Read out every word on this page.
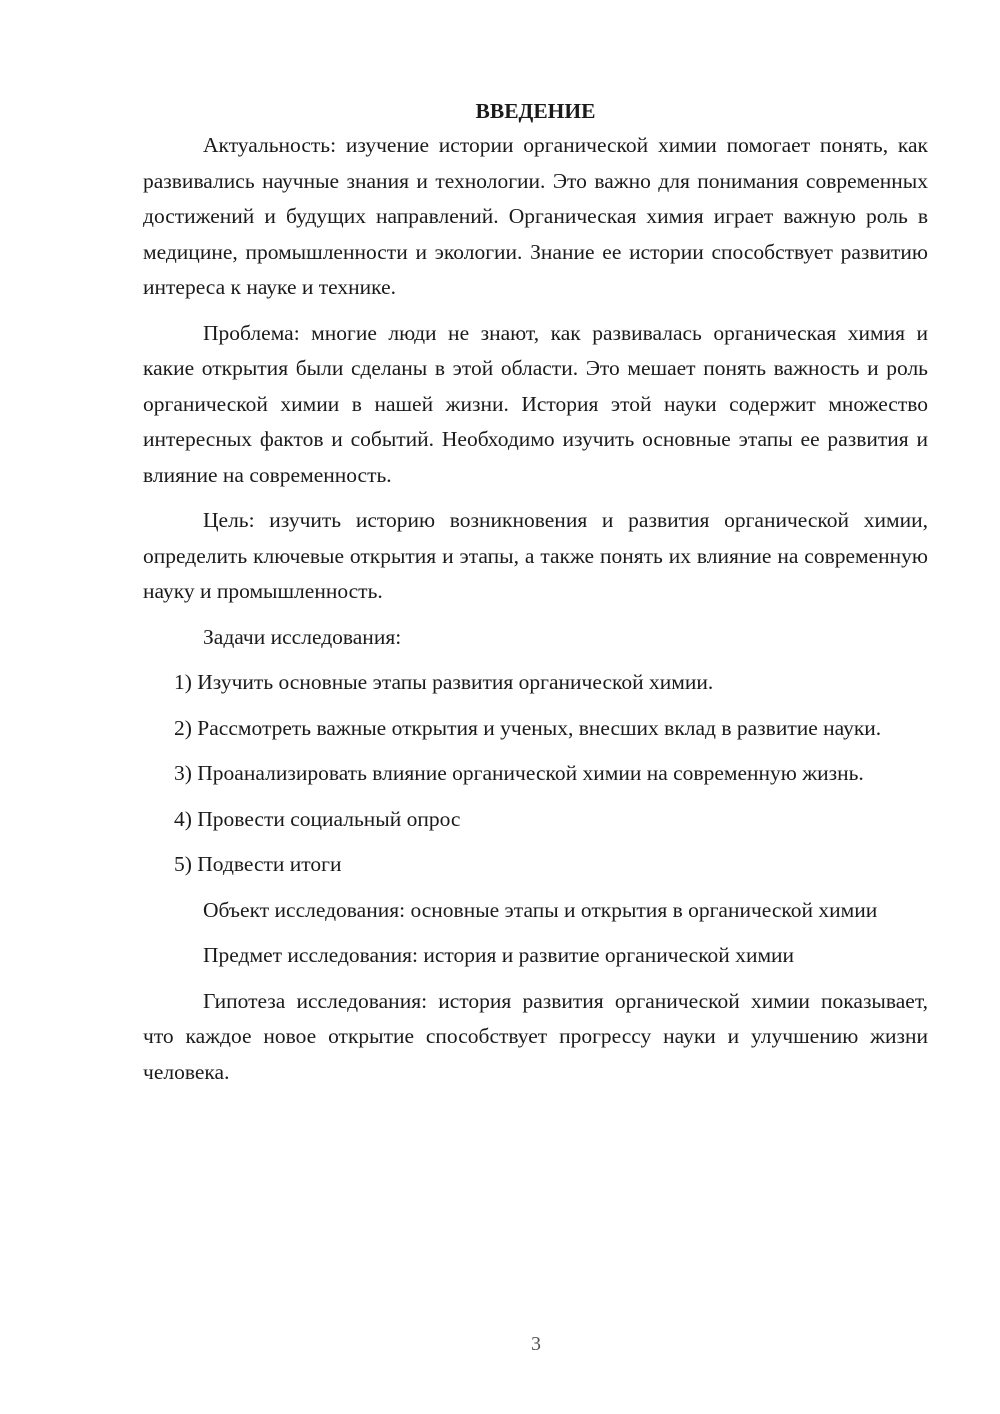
ВВЕДЕНИЕ

Актуальность: изучение истории органической химии помогает понять, как развивались научные знания и технологии. Это важно для понимания современных достижений и будущих направлений. Органическая химия играет важную роль в медицине, промышленности и экологии. Знание ее истории способствует развитию интереса к науке и технике.

Проблема: многие люди не знают, как развивалась органическая химия и какие открытия были сделаны в этой области. Это мешает понять важность и роль органической химии в нашей жизни. История этой науки содержит множество интересных фактов и событий. Необходимо изучить основные этапы ее развития и влияние на современность.

Цель: изучить историю возникновения и развития органической химии, определить ключевые открытия и этапы, а также понять их влияние на современную науку и промышленность.

Задачи исследования:

1) Изучить основные этапы развития органической химии.

2) Рассмотреть важные открытия и ученых, внесших вклад в развитие науки.

3) Проанализировать влияние органической химии на современную жизнь.

4) Провести социальный опрос

5) Подвести итоги

Объект исследования: основные этапы и открытия в органической химии

Предмет исследования: история и развитие органической химии

Гипотеза исследования: история развития органической химии показывает, что каждое новое открытие способствует прогрессу науки и улучшению жизни человека.

3
